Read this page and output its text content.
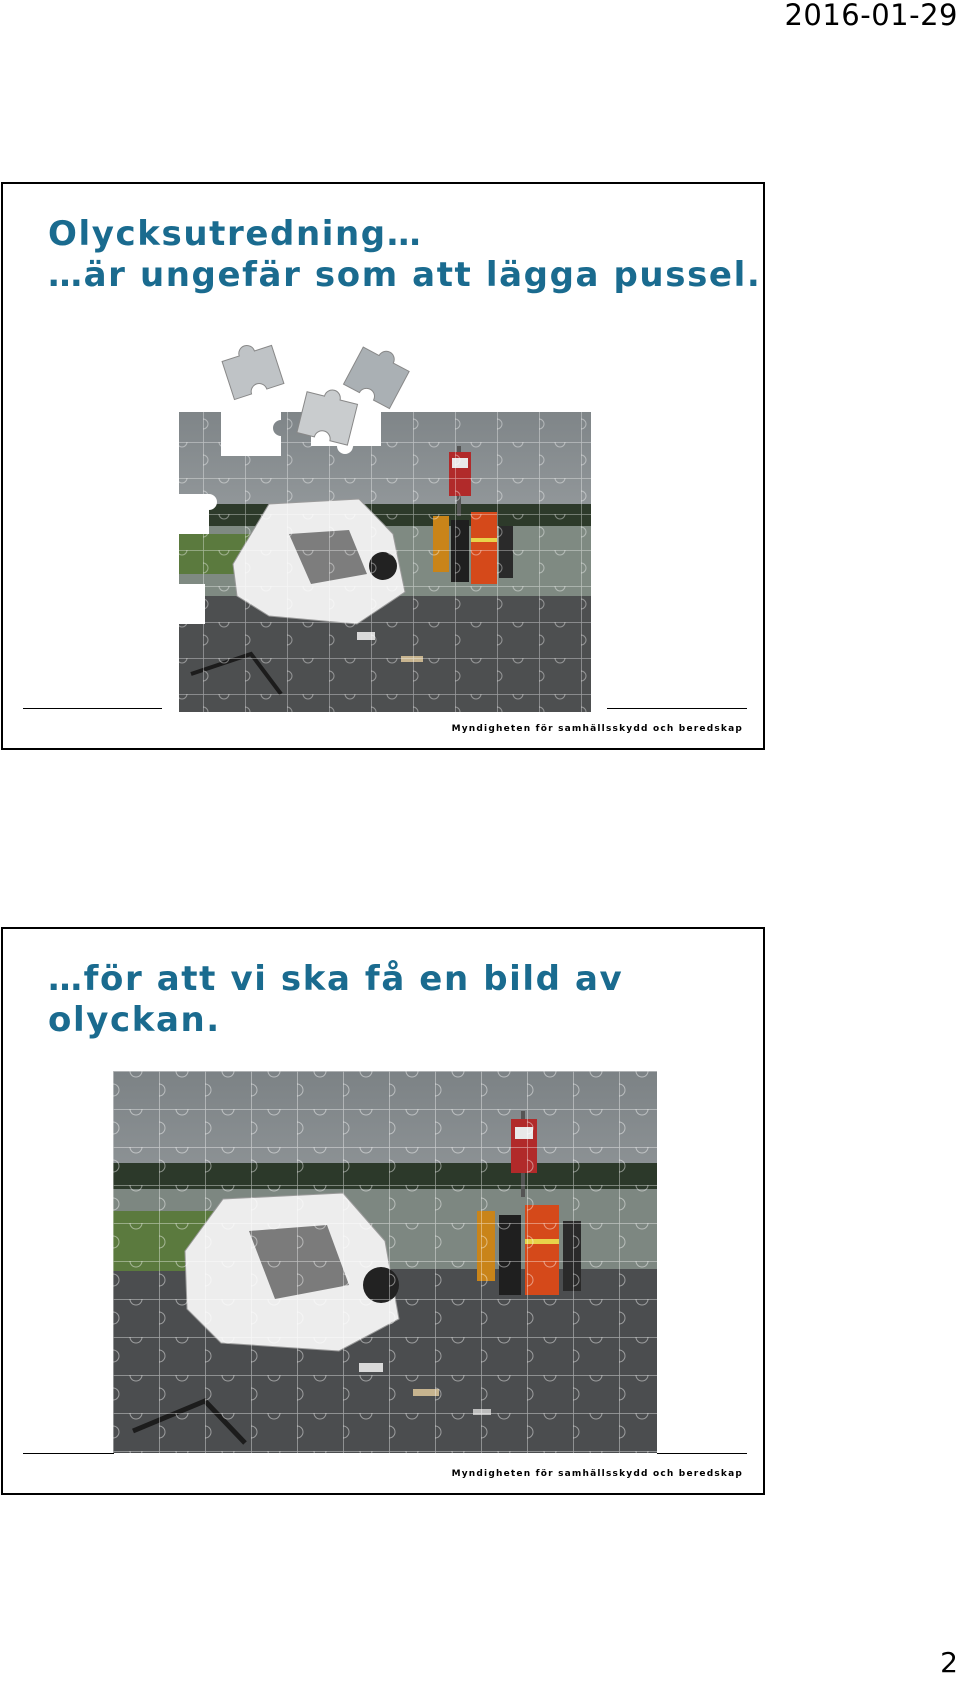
2016-01-29
Olycksutredning…
…är ungefär som att lägga pussel.
Myndigheten för samhällsskydd och beredskap
…för att vi ska få en bild av
olyckan.
Myndigheten för samhällsskydd och beredskap
2
